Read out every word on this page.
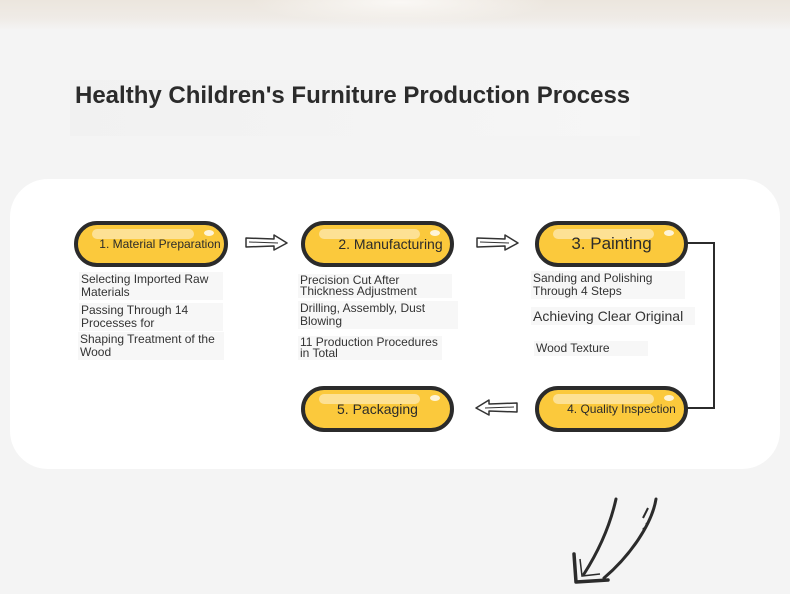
Healthy Children's Furniture Production Process
1. Material Preparation
Selecting Imported Raw Materials
Passing Through 14 Processes for
Shaping Treatment of the Wood
2. Manufacturing
Precision Cut After Thickness Adjustment
Drilling, Assembly, Dust Blowing
11 Production Procedures in Total
3. Painting
Sanding and Polishing Through 4 Steps
Achieving Clear Original
Wood Texture
4. Quality Inspection
5. Packaging
